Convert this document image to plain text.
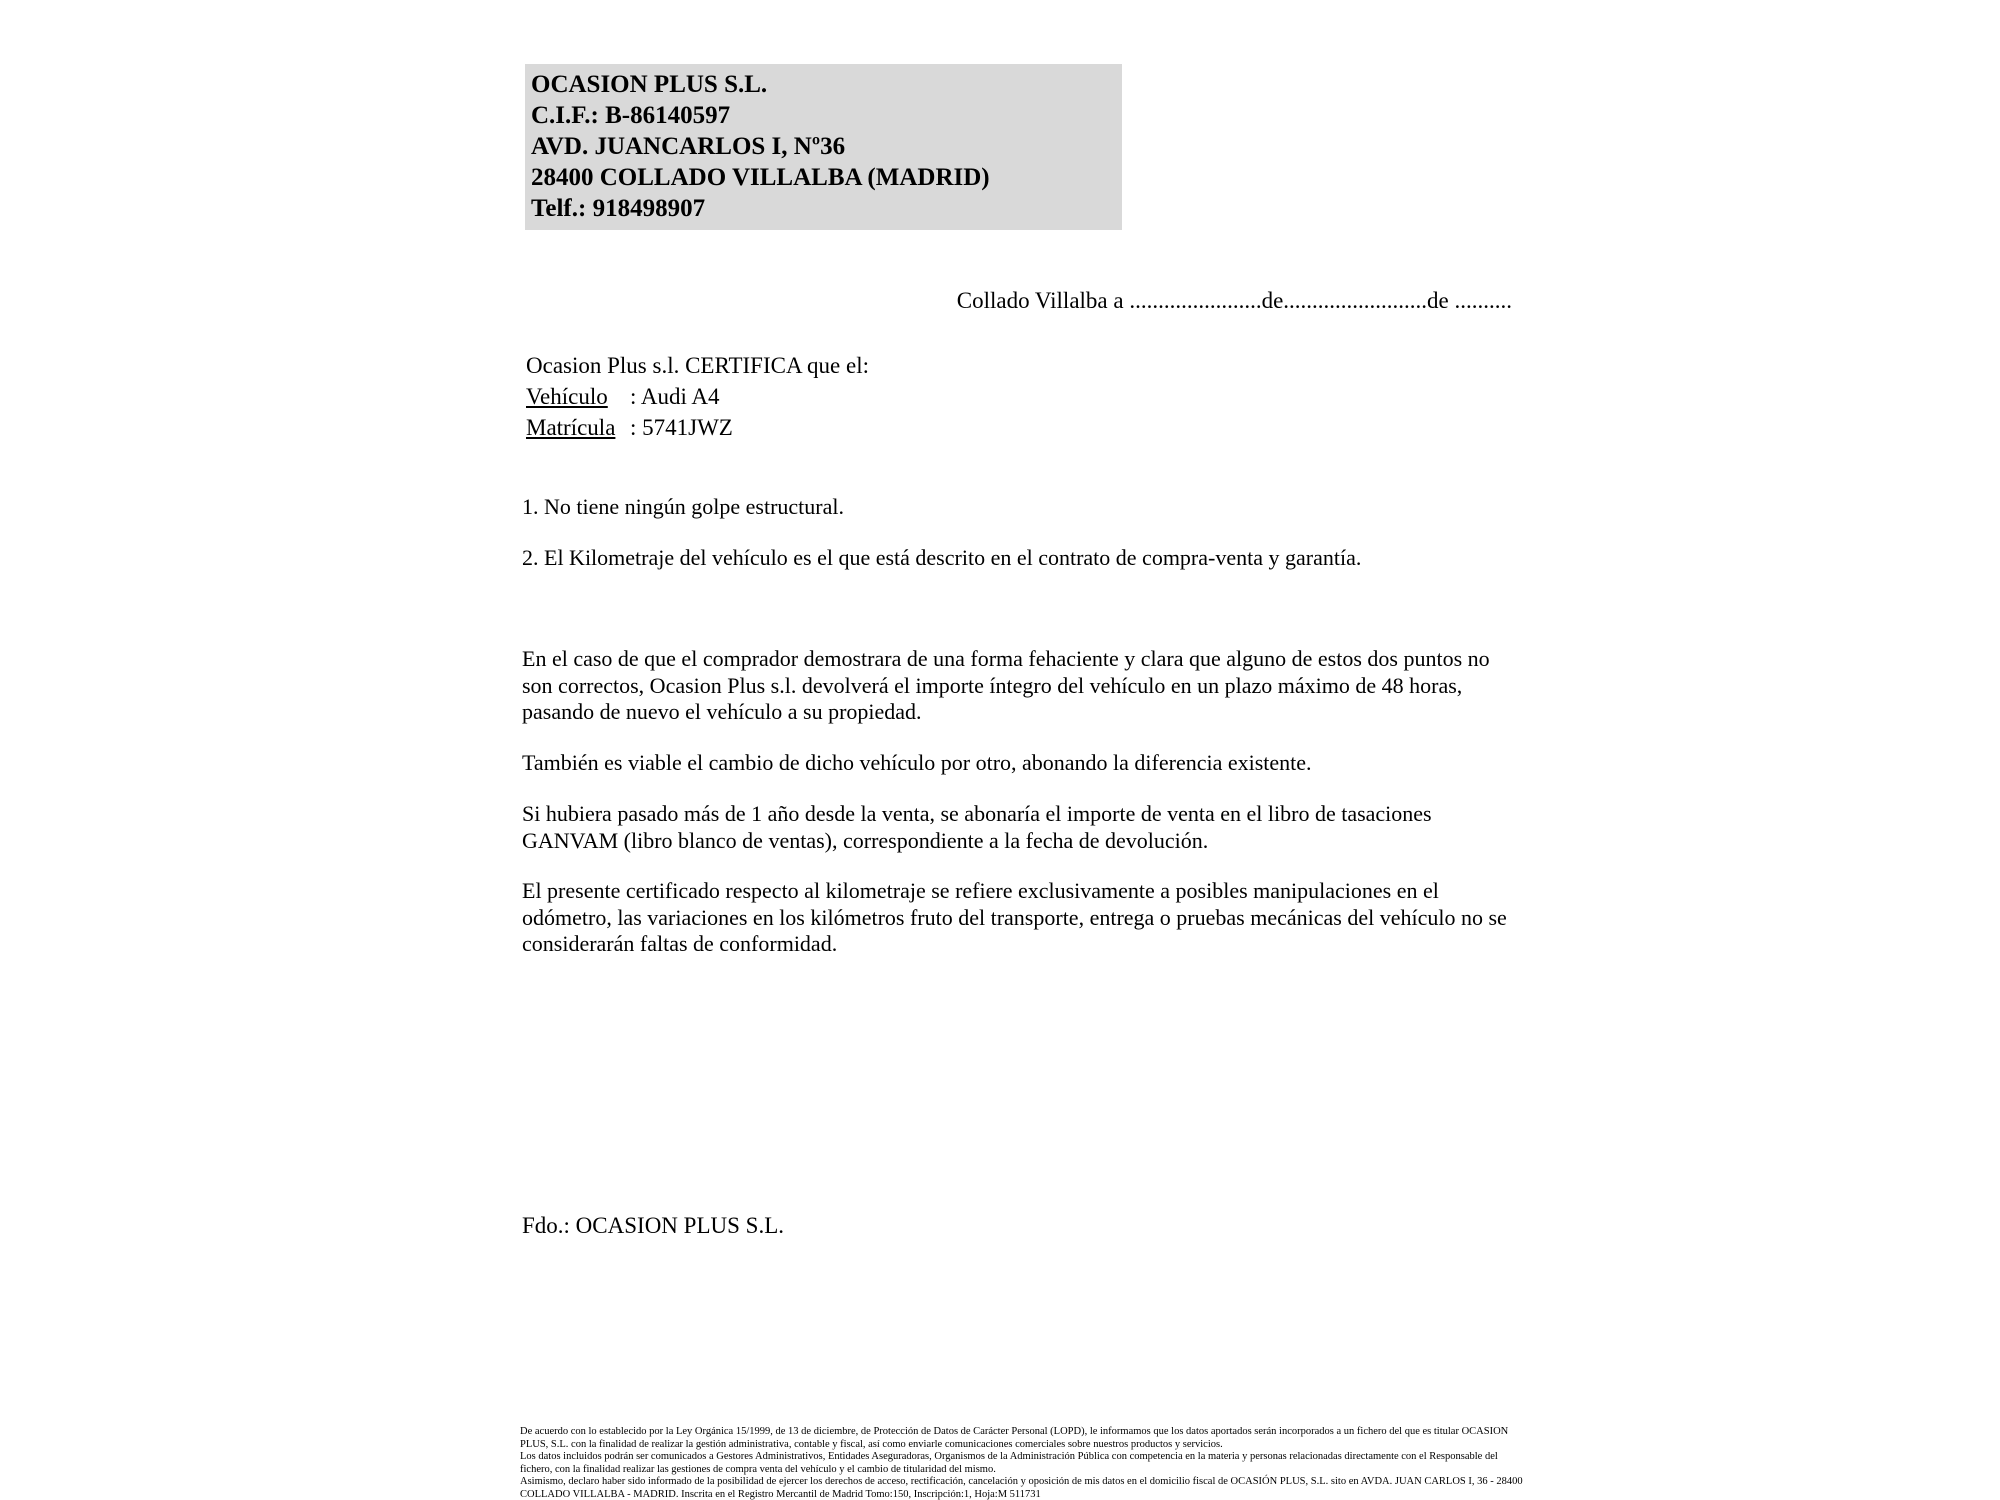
OCASION PLUS S.L.
C.I.F.: B-86140597
AVD. JUANCARLOS I, Nº36
28400 COLLADO VILLALBA (MADRID)
Telf.: 918498907
Collado Villalba a .......................de.........................de ..........
Ocasion Plus s.l. CERTIFICA que el:
Vehículo : Audi A4
Matrícula : 5741JWZ
1. No tiene ningún golpe estructural.
2. El Kilometraje del vehículo es el que está descrito en el contrato de compra-venta y garantía.
En el caso de que el comprador demostrara de una forma fehaciente y clara que alguno de estos dos puntos no son correctos, Ocasion Plus s.l. devolverá el importe íntegro del vehículo en un plazo máximo de 48 horas, pasando de nuevo el vehículo a su propiedad.
También es viable el cambio de dicho vehículo por otro, abonando la diferencia existente.
Si hubiera pasado más de 1 año desde la venta, se abonaría el importe de venta en el libro de tasaciones GANVAM (libro blanco de ventas), correspondiente a la fecha de devolución.
El presente certificado respecto al kilometraje se refiere exclusivamente a posibles manipulaciones en el odómetro, las variaciones en los kilómetros fruto del transporte, entrega o pruebas mecánicas del vehículo no se considerarán faltas de conformidad.
Fdo.: OCASION PLUS S.L.
De acuerdo con lo establecido por la Ley Orgánica 15/1999, de 13 de diciembre, de Protección de Datos de Carácter Personal (LOPD), le informamos que los datos aportados serán incorporados a un fichero del que es titular OCASION PLUS, S.L. con la finalidad de realizar la gestión administrativa, contable y fiscal, así como enviarle comunicaciones comerciales sobre nuestros productos y servicios.
Los datos incluidos podrán ser comunicados a Gestores Administrativos, Entidades Aseguradoras, Organismos de la Administración Pública con competencia en la materia y personas relacionadas directamente con el Responsable del fichero, con la finalidad realizar las gestiones de compra venta del vehículo y el cambio de titularidad del mismo.
Asimismo, declaro haber sido informado de la posibilidad de ejercer los derechos de acceso, rectificación, cancelación y oposición de mis datos en el domicilio fiscal de OCASIÓN PLUS, S.L. sito en AVDA. JUAN CARLOS I, 36 - 28400 COLLADO VILLALBA - MADRID. Inscrita en el Registro Mercantil de Madrid Tomo:150, Inscripción:1, Hoja:M 511731
